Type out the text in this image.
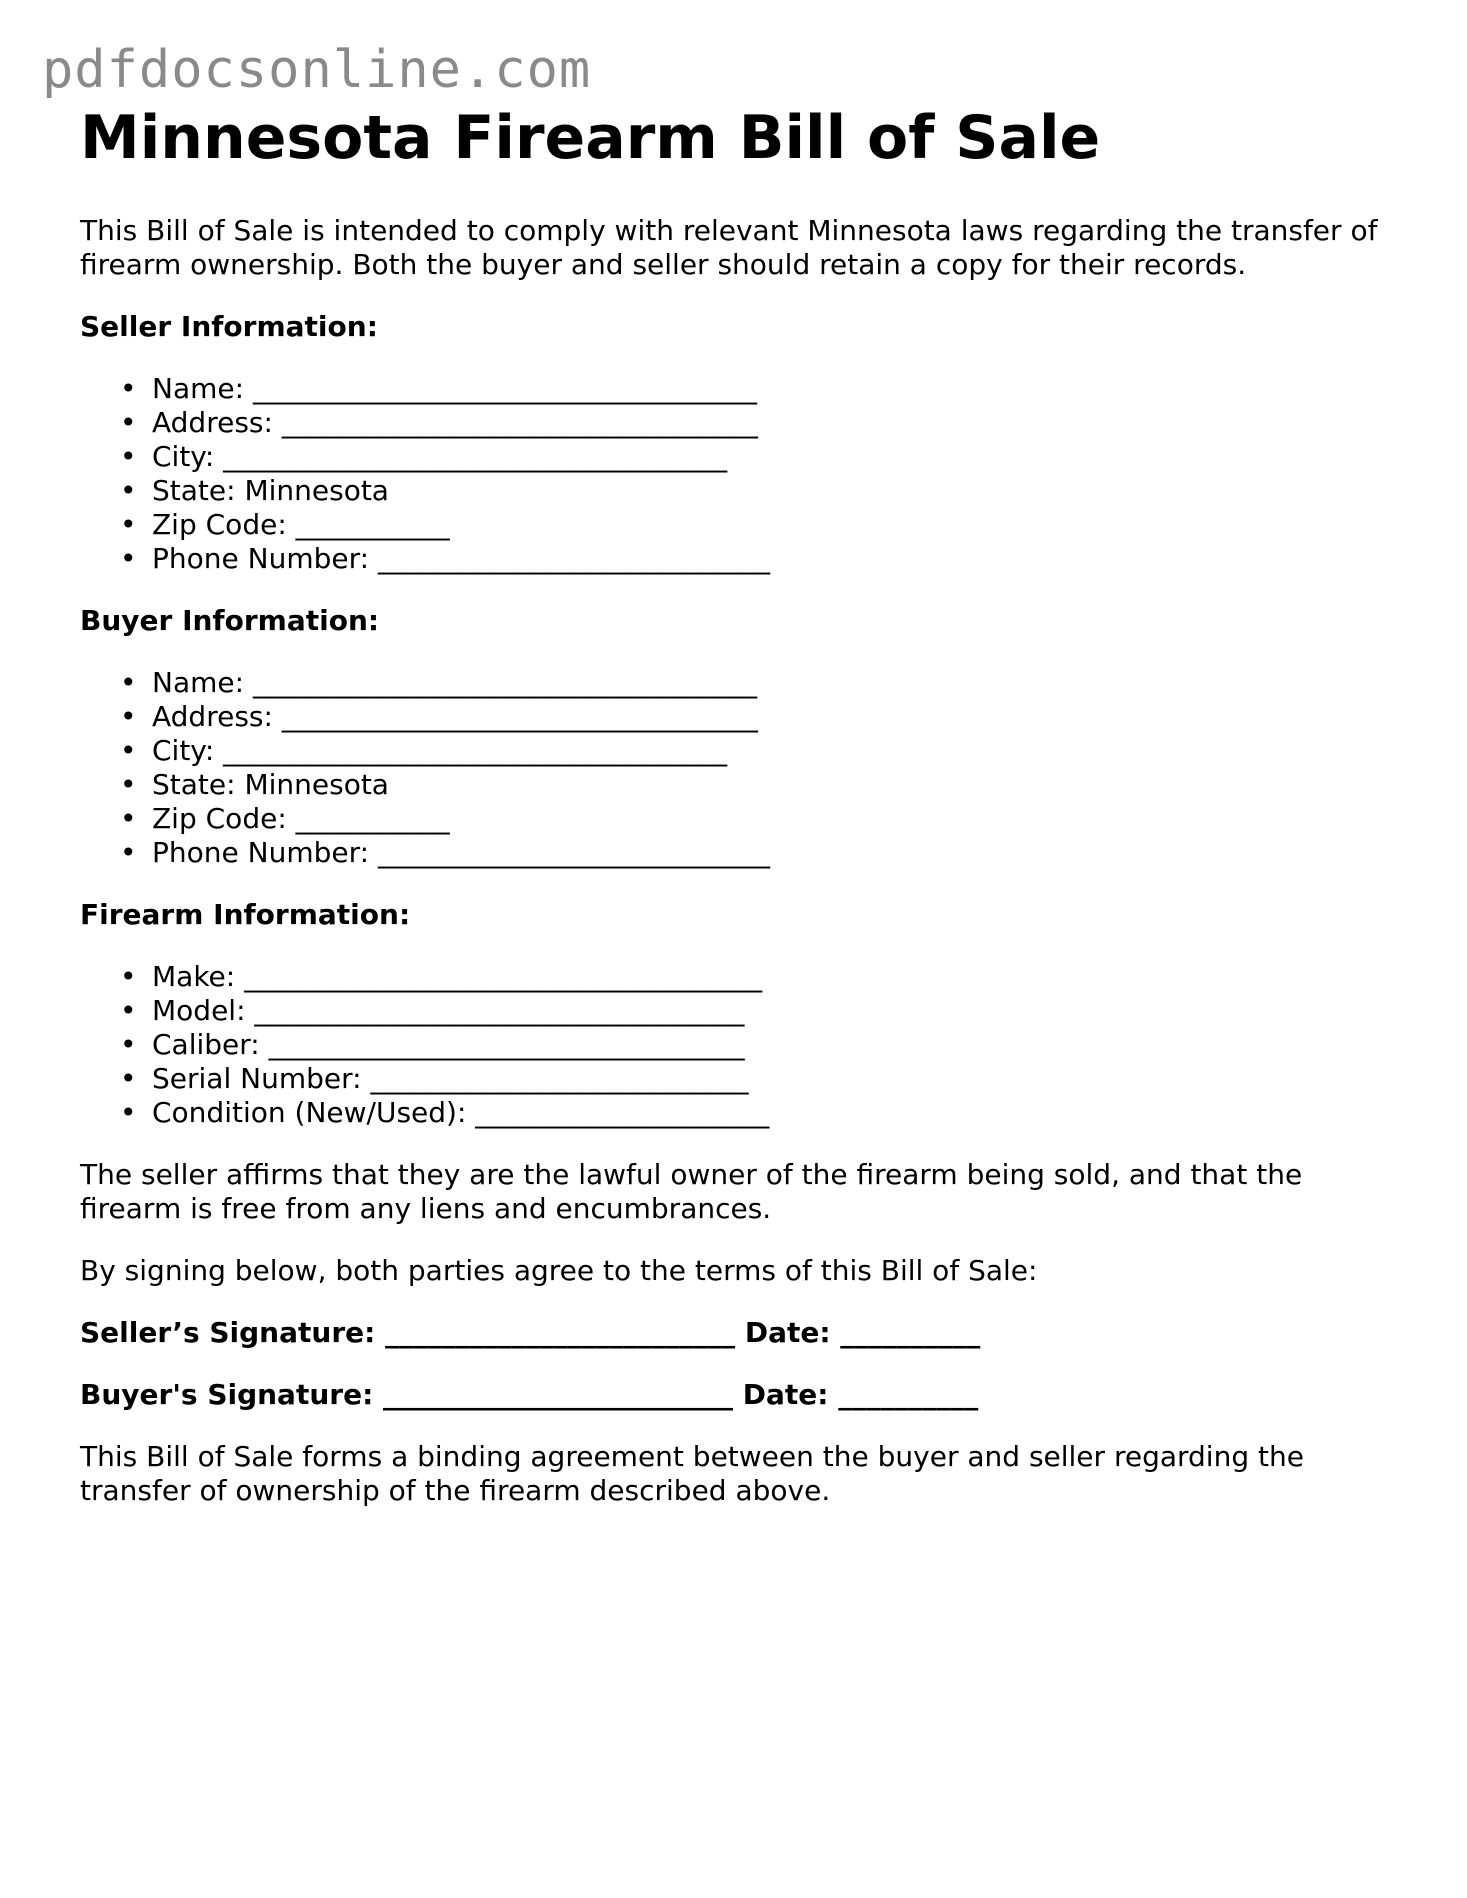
pdfdocsonline.com
Minnesota Firearm Bill of Sale

This Bill of Sale is intended to comply with relevant Minnesota laws regarding the transfer of firearm ownership. Both the buyer and seller should retain a copy for their records.

Seller Information:
• Name: ____________________________________
• Address: __________________________________
• City: ____________________________________
• State: Minnesota
• Zip Code: ___________
• Phone Number: ____________________________
Buyer Information:
• Name: ____________________________________
• Address: __________________________________
• City: ____________________________________
• State: Minnesota
• Zip Code: ___________
• Phone Number: ____________________________
Firearm Information:
• Make: _____________________________________
• Model: ___________________________________
• Caliber: __________________________________
• Serial Number: ___________________________
• Condition (New/Used): _____________________

The seller affirms that they are the lawful owner of the firearm being sold, and that the firearm is free from any liens and encumbrances.

By signing below, both parties agree to the terms of this Bill of Sale:

Seller’s Signature: _________________________ Date: __________
Buyer's Signature: _________________________ Date: __________

This Bill of Sale forms a binding agreement between the buyer and seller regarding the transfer of ownership of the firearm described above.
